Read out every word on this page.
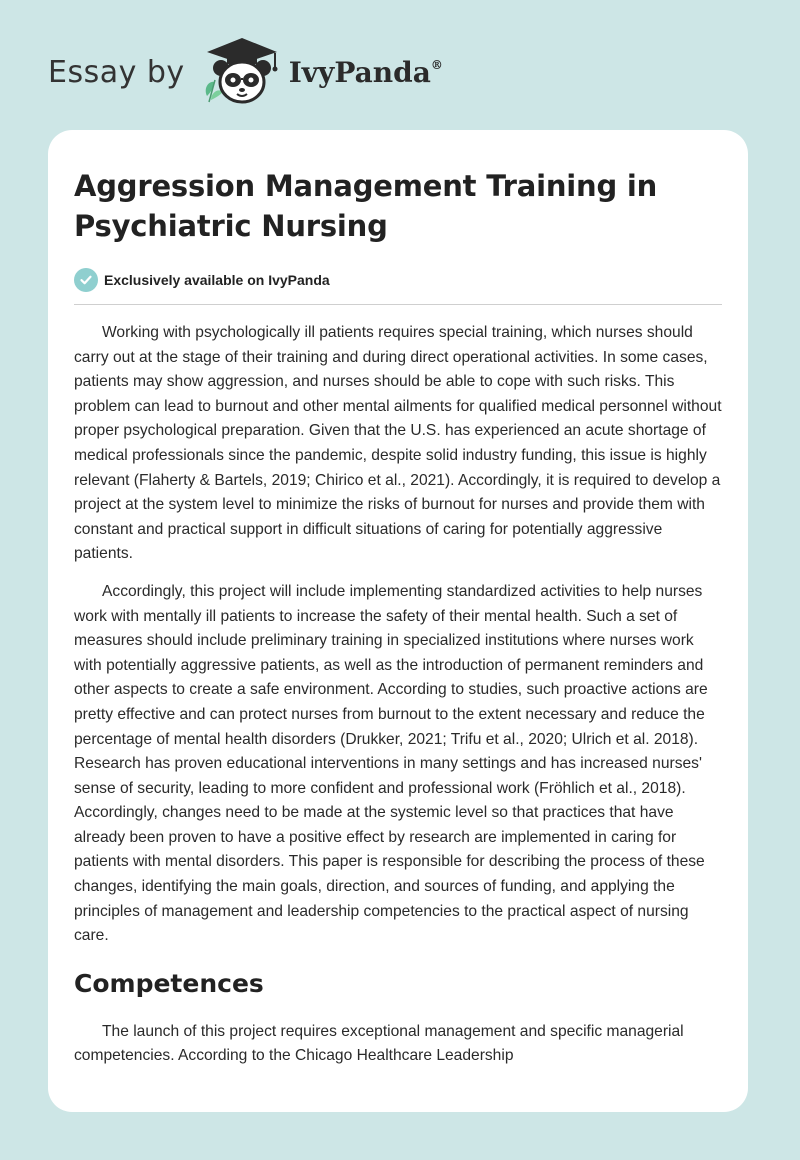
Essay by	IvyPanda®
Aggression Management Training in Psychiatric Nursing
Exclusively available on IvyPanda

Working with psychologically ill patients requires special training, which nurses should carry out at the stage of their training and during direct operational activities. In some cases, patients may show aggression, and nurses should be able to cope with such risks. This problem can lead to burnout and other mental ailments for qualified medical personnel without proper psychological preparation. Given that the U.S. has experienced an acute shortage of medical professionals since the pandemic, despite solid industry funding, this issue is highly relevant (Flaherty & Bartels, 2019; Chirico et al., 2021). Accordingly, it is required to develop a project at the system level to minimize the risks of burnout for nurses and provide them with constant and practical support in difficult situations of caring for potentially aggressive patients.

Accordingly, this project will include implementing standardized activities to help nurses work with mentally ill patients to increase the safety of their mental health. Such a set of measures should include preliminary training in specialized institutions where nurses work with potentially aggressive patients, as well as the introduction of permanent reminders and other aspects to create a safe environment. According to studies, such proactive actions are pretty effective and can protect nurses from burnout to the extent necessary and reduce the percentage of mental health disorders (Drukker, 2021; Trifu et al., 2020; Ulrich et al. 2018). Research has proven educational interventions in many settings and has increased nurses' sense of security, leading to more confident and professional work (Fröhlich et al., 2018). Accordingly, changes need to be made at the systemic level so that practices that have already been proven to have a positive effect by research are implemented in caring for patients with mental disorders. This paper is responsible for describing the process of these changes, identifying the main goals, direction, and sources of funding, and applying the principles of management and leadership competencies to the practical aspect of nursing care.

Competences

The launch of this project requires exceptional management and specific managerial competencies. According to the Chicago Healthcare Leadership
